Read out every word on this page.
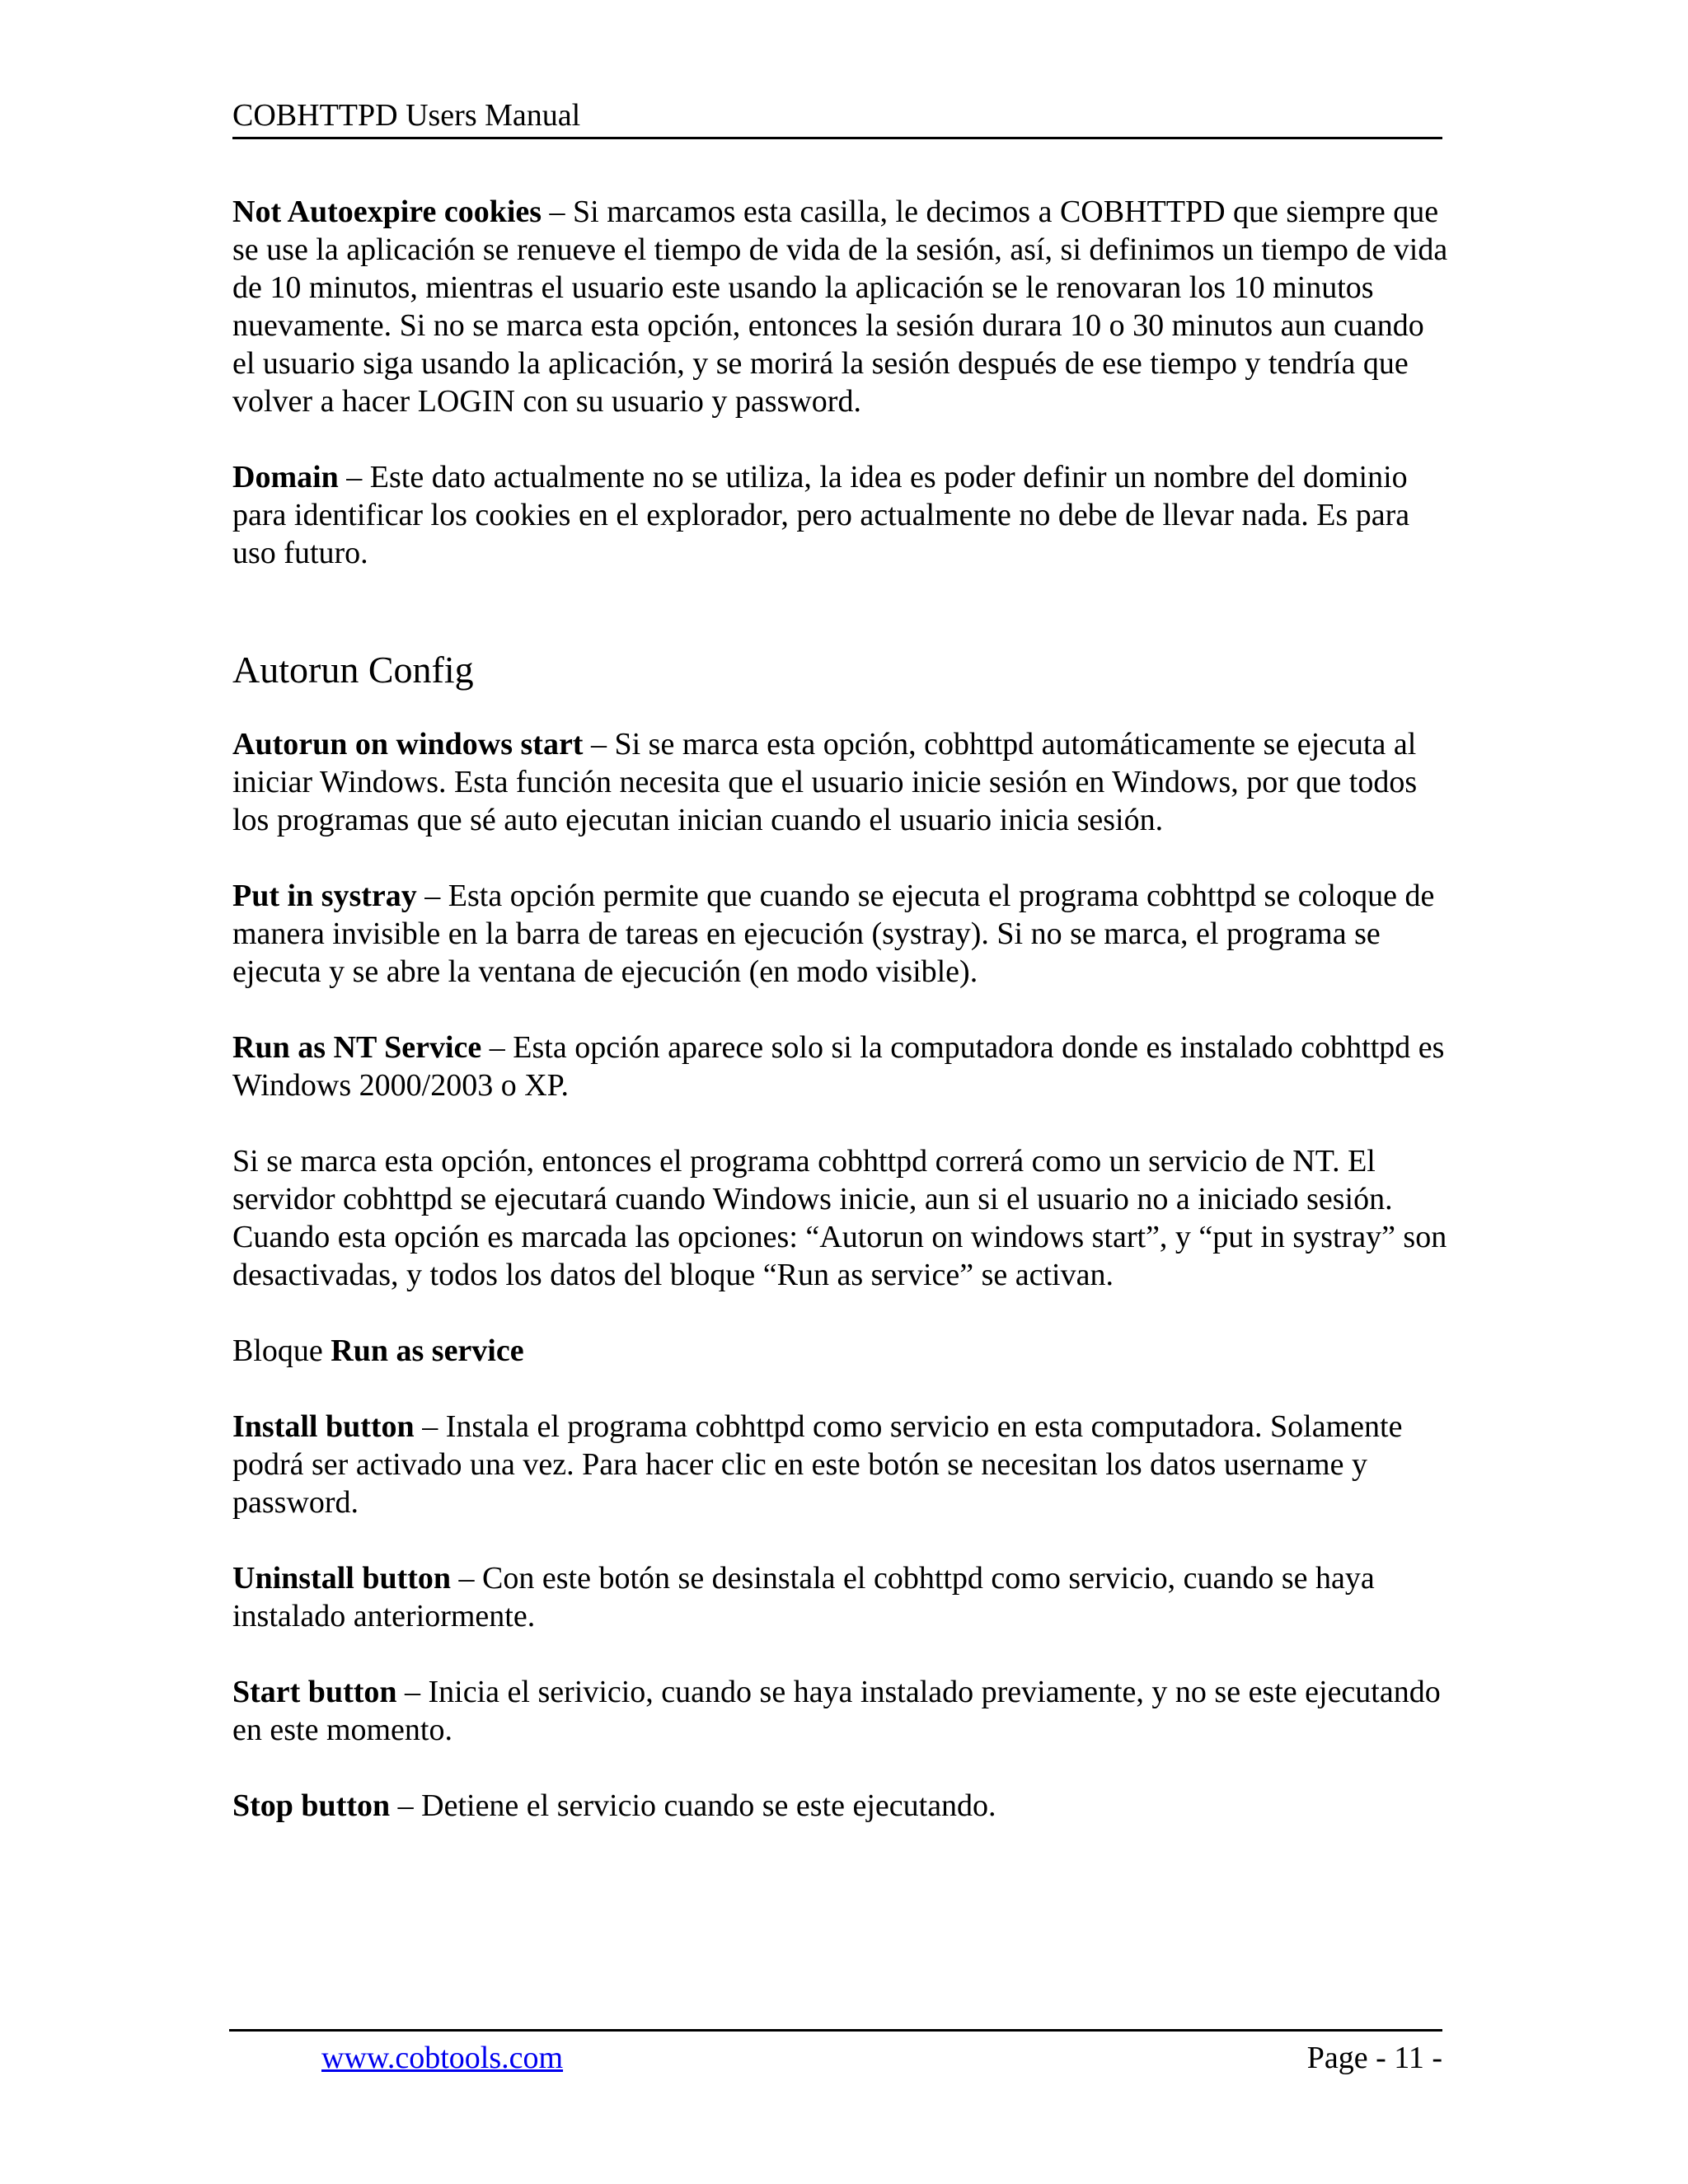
COBHTTPD Users Manual

Not Autoexpire cookies – Si marcamos esta casilla, le decimos a COBHTTPD que siempre que se use la aplicación se renueve el tiempo de vida de la sesión, así, si definimos un tiempo de vida de 10 minutos, mientras el usuario este usando la aplicación se le renovaran los 10 minutos nuevamente. Si no se marca esta opción, entonces la sesión durara 10 o 30 minutos aun cuando el usuario siga usando la aplicación, y se morirá la sesión después de ese tiempo y tendría que volver a hacer LOGIN con su usuario y password.

Domain – Este dato actualmente no se utiliza, la idea es poder definir un nombre del dominio para identificar los cookies en el explorador, pero actualmente no debe de llevar nada. Es para uso futuro.

Autorun Config

Autorun on windows start – Si se marca esta opción, cobhttpd automáticamente se ejecuta al iniciar Windows. Esta función necesita que el usuario inicie sesión en Windows, por que todos los programas que sé auto ejecutan inician cuando el usuario inicia sesión.

Put in systray – Esta opción permite que cuando se ejecuta el programa cobhttpd se coloque de manera invisible en la barra de tareas en ejecución (systray). Si no se marca, el programa se ejecuta y se abre la ventana de ejecución (en modo visible).

Run as NT Service – Esta opción aparece solo si la computadora donde es instalado cobhttpd es Windows 2000/2003 o XP.

Si se marca esta opción, entonces el programa cobhttpd correrá como un servicio de NT. El servidor cobhttpd se ejecutará cuando Windows inicie, aun si el usuario no a iniciado sesión. Cuando esta opción es marcada las opciones: “Autorun on windows start”, y “put in systray” son desactivadas, y todos los datos del bloque “Run as service” se activan.

Bloque Run as service

Install button – Instala el programa cobhttpd como servicio en esta computadora. Solamente podrá ser activado una vez. Para hacer clic en este botón se necesitan los datos username y password.

Uninstall button – Con este botón se desinstala el cobhttpd como servicio, cuando se haya instalado anteriormente.

Start button – Inicia el serivicio, cuando se haya instalado previamente, y no se este ejecutando en este momento.

Stop button – Detiene el servicio cuando se este ejecutando.

www.cobtools.com	Page - 11 -
